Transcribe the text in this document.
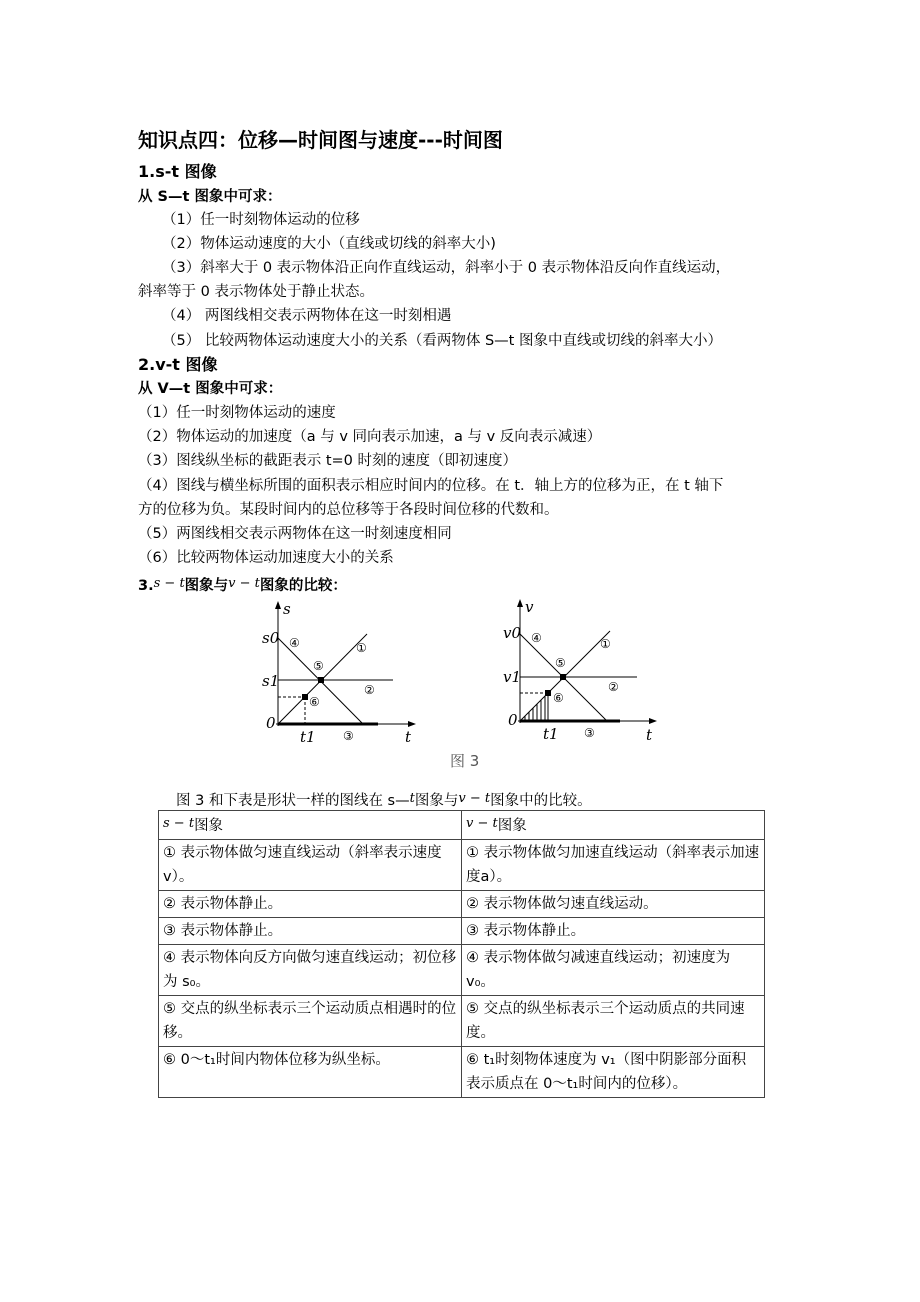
知识点四：位移—时间图与速度---时间图
1.s-t 图像
从 S—t 图象中可求：
（1）任一时刻物体运动的位移
（2）物体运动速度的大小（直线或切线的斜率大小)
（3）斜率大于 0 表示物体沿正向作直线运动，斜率小于 0 表示物体沿反向作直线运动，
斜率等于 0 表示物体处于静止状态。
（4） 两图线相交表示两物体在这一时刻相遇
（5） 比较两物体运动速度大小的关系（看两物体 S—t 图象中直线或切线的斜率大小）
2.v-t 图像
从 V—t 图象中可求：
（1）任一时刻物体运动的速度
（2）物体运动的加速度（a 与 v 同向表示加速，a 与 v 反向表示减速）
（3）图线纵坐标的截距表示 t=0 时刻的速度（即初速度）
（4）图线与横坐标所围的面积表示相应时间内的位移。在 t．轴上方的位移为正，在 t 轴下
方的位移为负。某段时间内的总位移等于各段时间位移的代数和。
（5）两图线相交表示两物体在这一时刻速度相同
（6）比较两物体运动加速度大小的关系
3.s − t图象与v − t图象的比较：
s
s0
s1
0
t1	t
④	①
⑤
②
⑥
③
v
v0
v1
0
t1	t
④	①
⑤
②
⑥
③
图 3
图 3 和下表是形状一样的图线在 s—t图象与v − t图象中的比较。
s − t图象	v − t图象
① 表示物体做匀速直线运动（斜率表示速度v）。	① 表示物体做匀加速直线运动（斜率表示加速度a）。
② 表示物体静止。	② 表示物体做匀速直线运动。
③ 表示物体静止。	③ 表示物体静止。
④ 表示物体向反方向做匀速直线运动；初位移为 s₀。	④ 表示物体做匀减速直线运动；初速度为 v₀。
⑤ 交点的纵坐标表示三个运动质点相遇时的位移。	⑤ 交点的纵坐标表示三个运动质点的共同速度。
⑥ 0～t₁时间内物体位移为纵坐标。	⑥ t₁时刻物体速度为 v₁（图中阴影部分面积表示质点在 0～t₁时间内的位移）。
